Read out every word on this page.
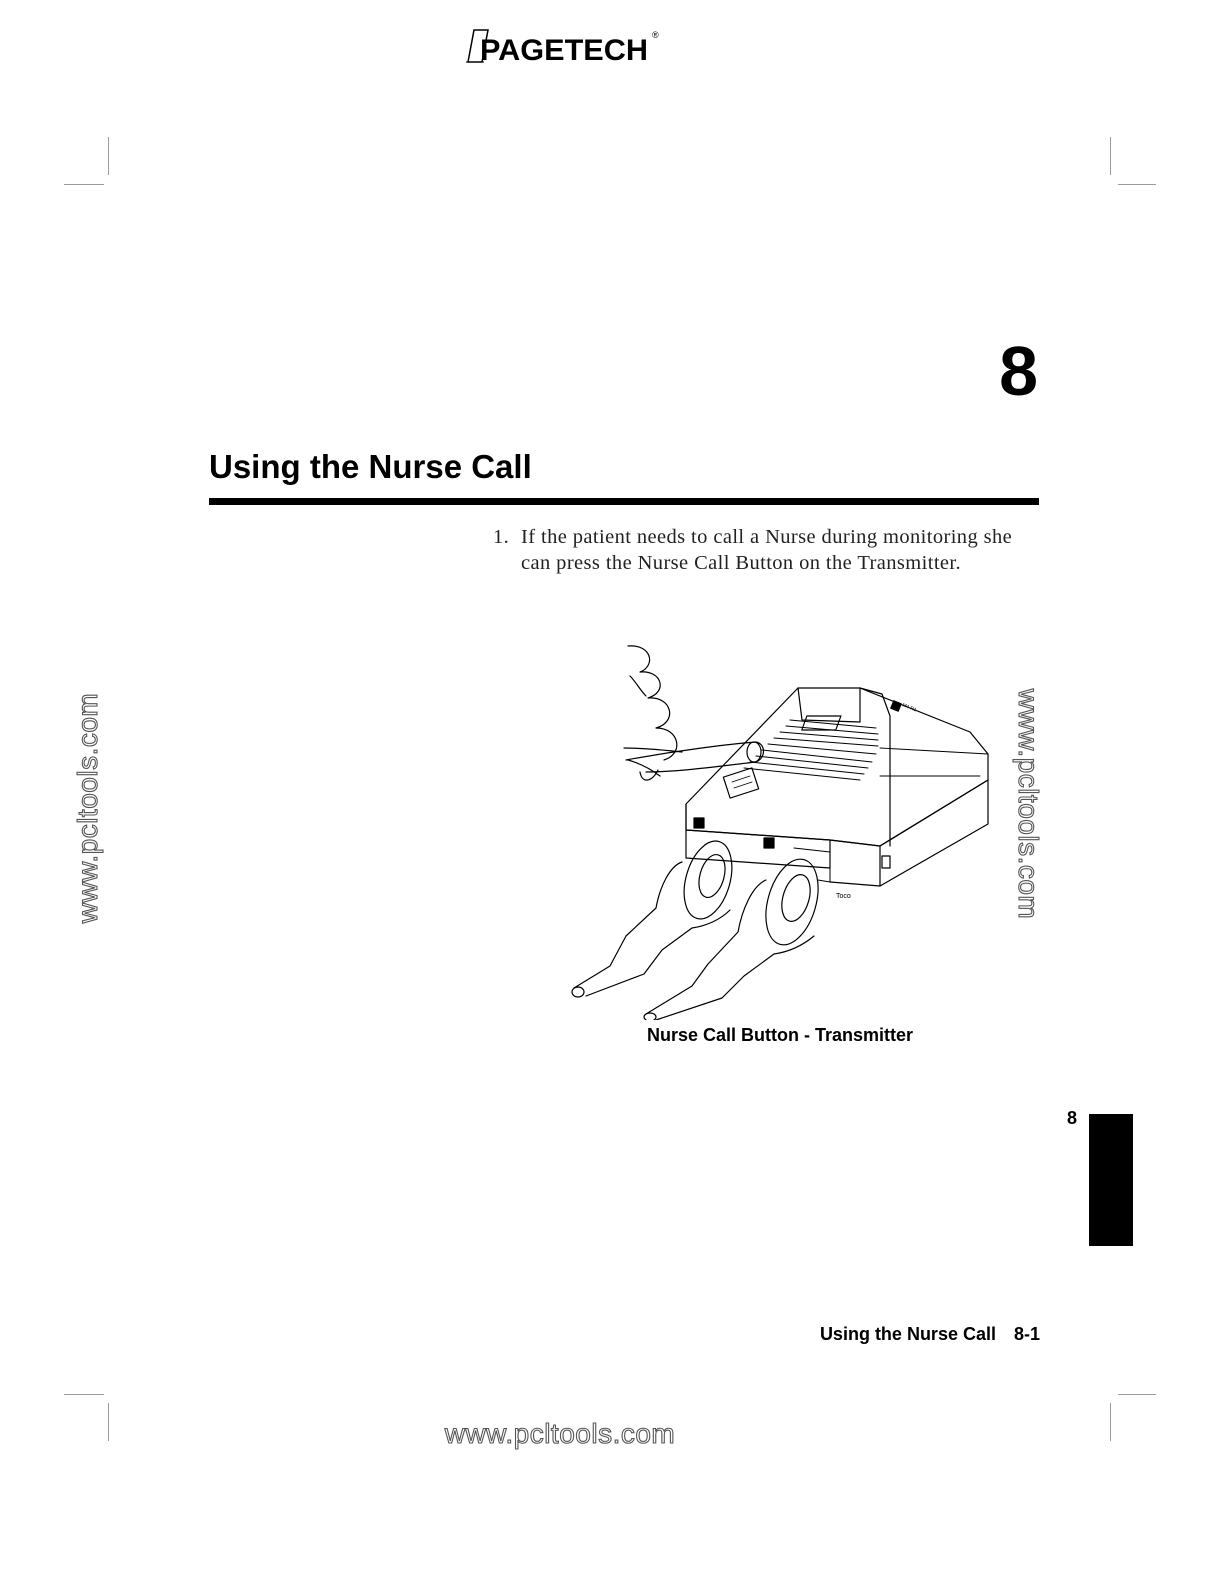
PAGETECH ®
8
Using the Nurse Call
1. If the patient needs to call a Nurse during monitoring she can press the Nurse Call Button on the Transmitter.
Toco
M4 R1
Nurse Call Button - Transmitter
www.pcltools.com	www.pcltools.com
www.pcltools.com
8
Using the Nurse Call 8-1
